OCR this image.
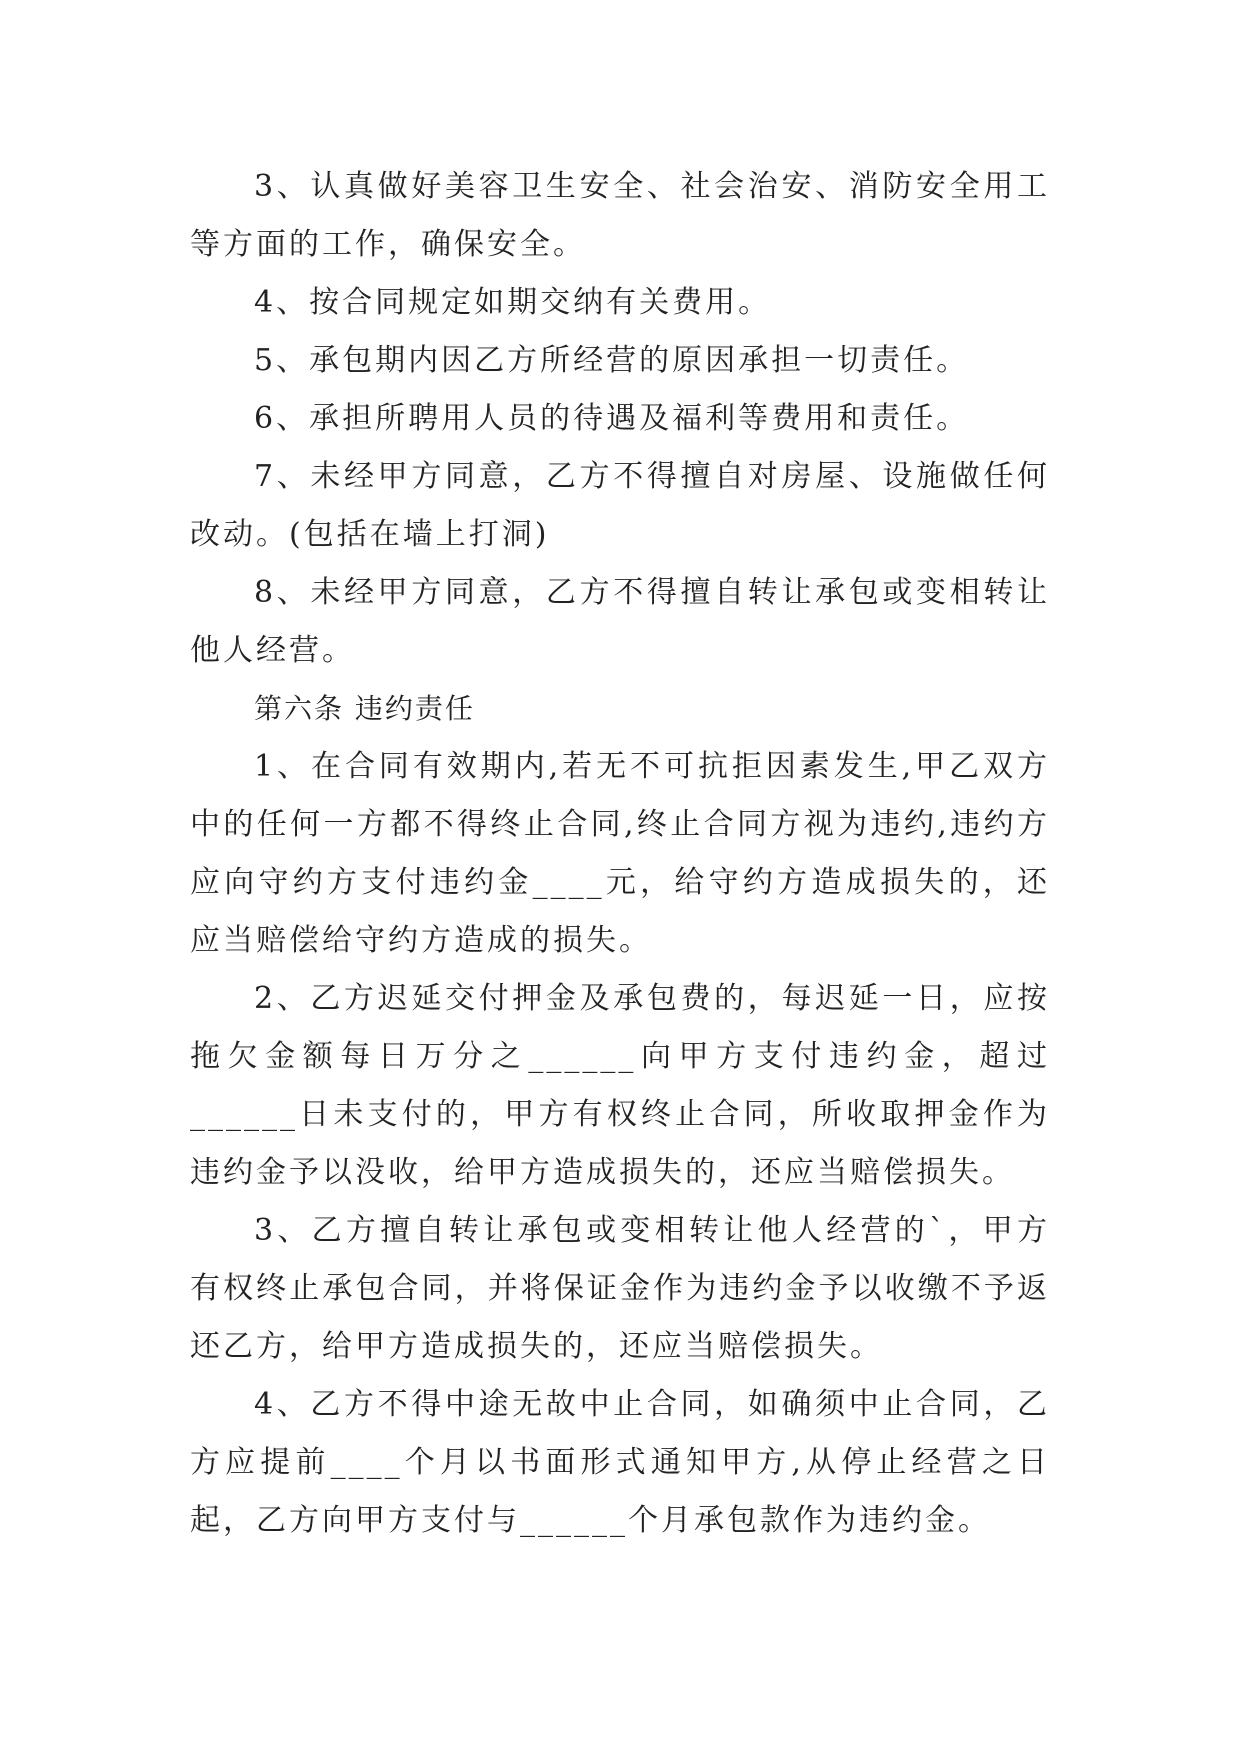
3、认真做好美容卫生安全、社会治安、消防安全用工等方面的工作，确保安全。

4、按合同规定如期交纳有关费用。

5、承包期内因乙方所经营的原因承担一切责任。

6、承担所聘用人员的待遇及福利等费用和责任。

7、未经甲方同意，乙方不得擅自对房屋、设施做任何改动。(包括在墙上打洞)

8、未经甲方同意，乙方不得擅自转让承包或变相转让他人经营。

第六条 违约责任

1、在合同有效期内,若无不可抗拒因素发生,甲乙双方中的任何一方都不得终止合同,终止合同方视为违约,违约方应向守约方支付违约金____元，给守约方造成损失的，还应当赔偿给守约方造成的损失。

2、乙方迟延交付押金及承包费的，每迟延一日，应按拖欠金额每日万分之______向甲方支付违约金，超过______日未支付的，甲方有权终止合同，所收取押金作为违约金予以没收，给甲方造成损失的，还应当赔偿损失。

3、乙方擅自转让承包或变相转让他人经营的`，甲方有权终止承包合同，并将保证金作为违约金予以收缴不予返还乙方，给甲方造成损失的，还应当赔偿损失。

4、乙方不得中途无故中止合同，如确须中止合同，乙方应提前____个月以书面形式通知甲方,从停止经营之日起，乙方向甲方支付与______个月承包款作为违约金。
